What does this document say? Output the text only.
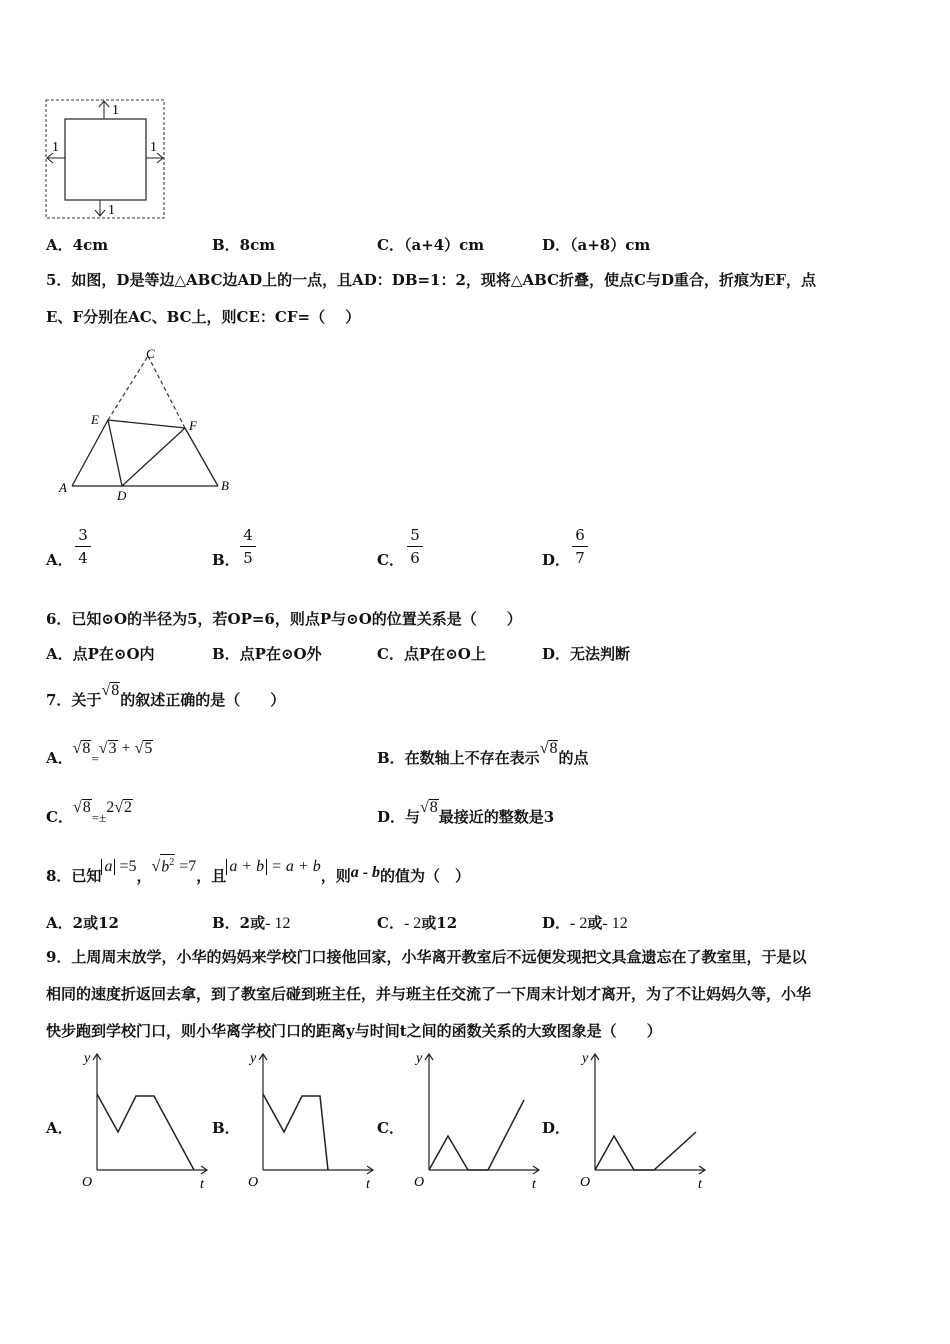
1
1	1
1
A．4cm	B．8cm	C．（a+4）cm	D．（a+8）cm
5．如图，D是等边△ABC边AD上的一点，且AD：DB=1：2，现将△ABC折叠，使点C与D重合，折痕为EF，点
E、F分别在AC、BC上，则CE：CF=（　 ）
A	B
C
D
E	F
A．
3
4	B．
4
5	C．
5
6	D．
6
7
6．已知⊙O的半径为5，若OP=6，则点P与⊙O的位置关系是（　　）
A．点P在⊙O内	B．点P在⊙O外	C．点P在⊙O上	D．无法判断
7．关于√8的叙述正确的是（　　）
A．√8=√3 + √5
B．在数轴上不存在表示√8的点
C．√8=±2√2
D．与√8最接近的整数是3
8．已知a =5，$√b^2 =7$，且a + b = a + b，则a - b的值为（　）
A．2或12	B．2或- 12	C．- 2或12	D．- 2或- 12
9．上周周末放学，小华的妈妈来学校门口接他回家，小华离开教室后不远便发现把文具盒遗忘在了教室里，于是以
相同的速度折返回去拿，到了教室后碰到班主任，并与班主任交流了一下周末计划才离开，为了不让妈妈久等，小华
快步跑到学校门口，则小华离学校门口的距离y与时间t之间的函数关系的大致图象是（　　）
A．	B．	C．	D．
y
O	t
y
O	t
y
O	t
y
O	t
